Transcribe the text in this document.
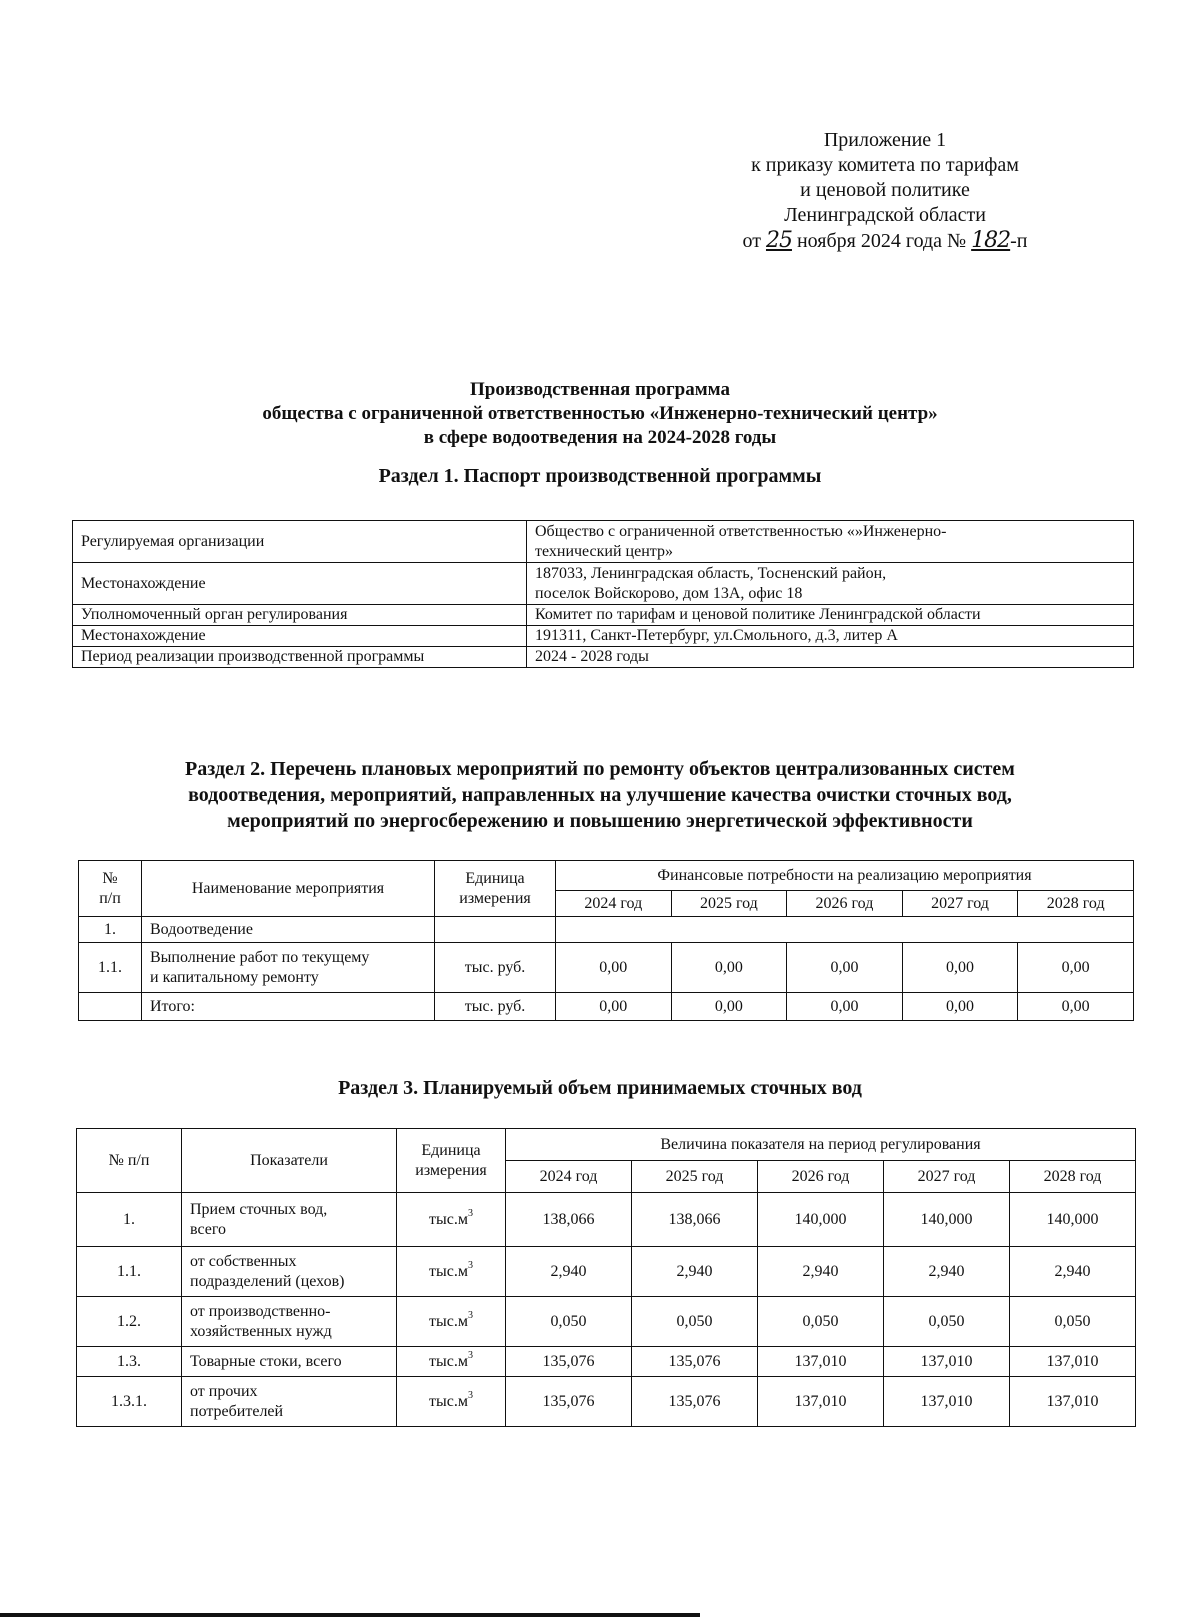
Приложение 1
к приказу комитета по тарифам
и ценовой политике
Ленинградской области
от 25 ноября 2024 года № 182-п
Производственная программа
общества с ограниченной ответственностью «Инженерно-технический центр»
в сфере водоотведения на 2024-2028 годы
Раздел 1. Паспорт производственной программы
Регулируемая организации	Общество с ограниченной ответственностью «»Инженерно-
технический центр»

Местонахождение	187033, Ленинградская область, Тосненский район,
поселок Войскорово, дом 13А, офис 18

Уполномоченный орган регулирования	Комитет по тарифам и ценовой политике Ленинградской области
Местонахождение	191311, Санкт-Петербург, ул.Смольного, д.3, литер А
Период реализации производственной программы	2024 - 2028 годы
Раздел 2. Перечень плановых мероприятий по ремонту объектов централизованных систем
водоотведения, мероприятий, направленных на улучшение качества очистки сточных вод,
мероприятий по энергосбережению и повышению энергетической эффективности
№
п/п
	Наименование мероприятия	
Единица
измерения
	Финансовые потребности на реализацию мероприятия
			2024 год	2025 год	2026 год	2027 год	2028 год
1.	Водоотведение						
1.1.	Выполнение работ по текущему
и капитальному ремонту	тыс. руб.	0,00	0,00	0,00	0,00	0,00
	Итого:	тыс. руб.	0,00	0,00	0,00	0,00	0,00
Раздел 3. Планируемый объем принимаемых сточных вод
№ п/п	Показатели	Единица
измерения	Величина показателя на период регулирования				
			2024 год	2025 год	2026 год	2027 год	2028 год
1.	Прием сточных вод,
всего	$тыс.м^3$	138,066	138,066	140,000	140,000	140,000
1.1.	от собственных
подразделений (цехов)	$тыс.м^3$	2,940	2,940	2,940	2,940	2,940
1.2.	от производственно-
хозяйственных нужд	$тыс.м^3$	0,050	0,050	0,050	0,050	0,050
1.3.	Товарные стоки, всего	$тыс.м^3$	135,076	135,076	137,010	137,010	137,010
1.3.1.	от прочих
потребителей	$тыс.м^3$	135,076	135,076	137,010	137,010	137,010
